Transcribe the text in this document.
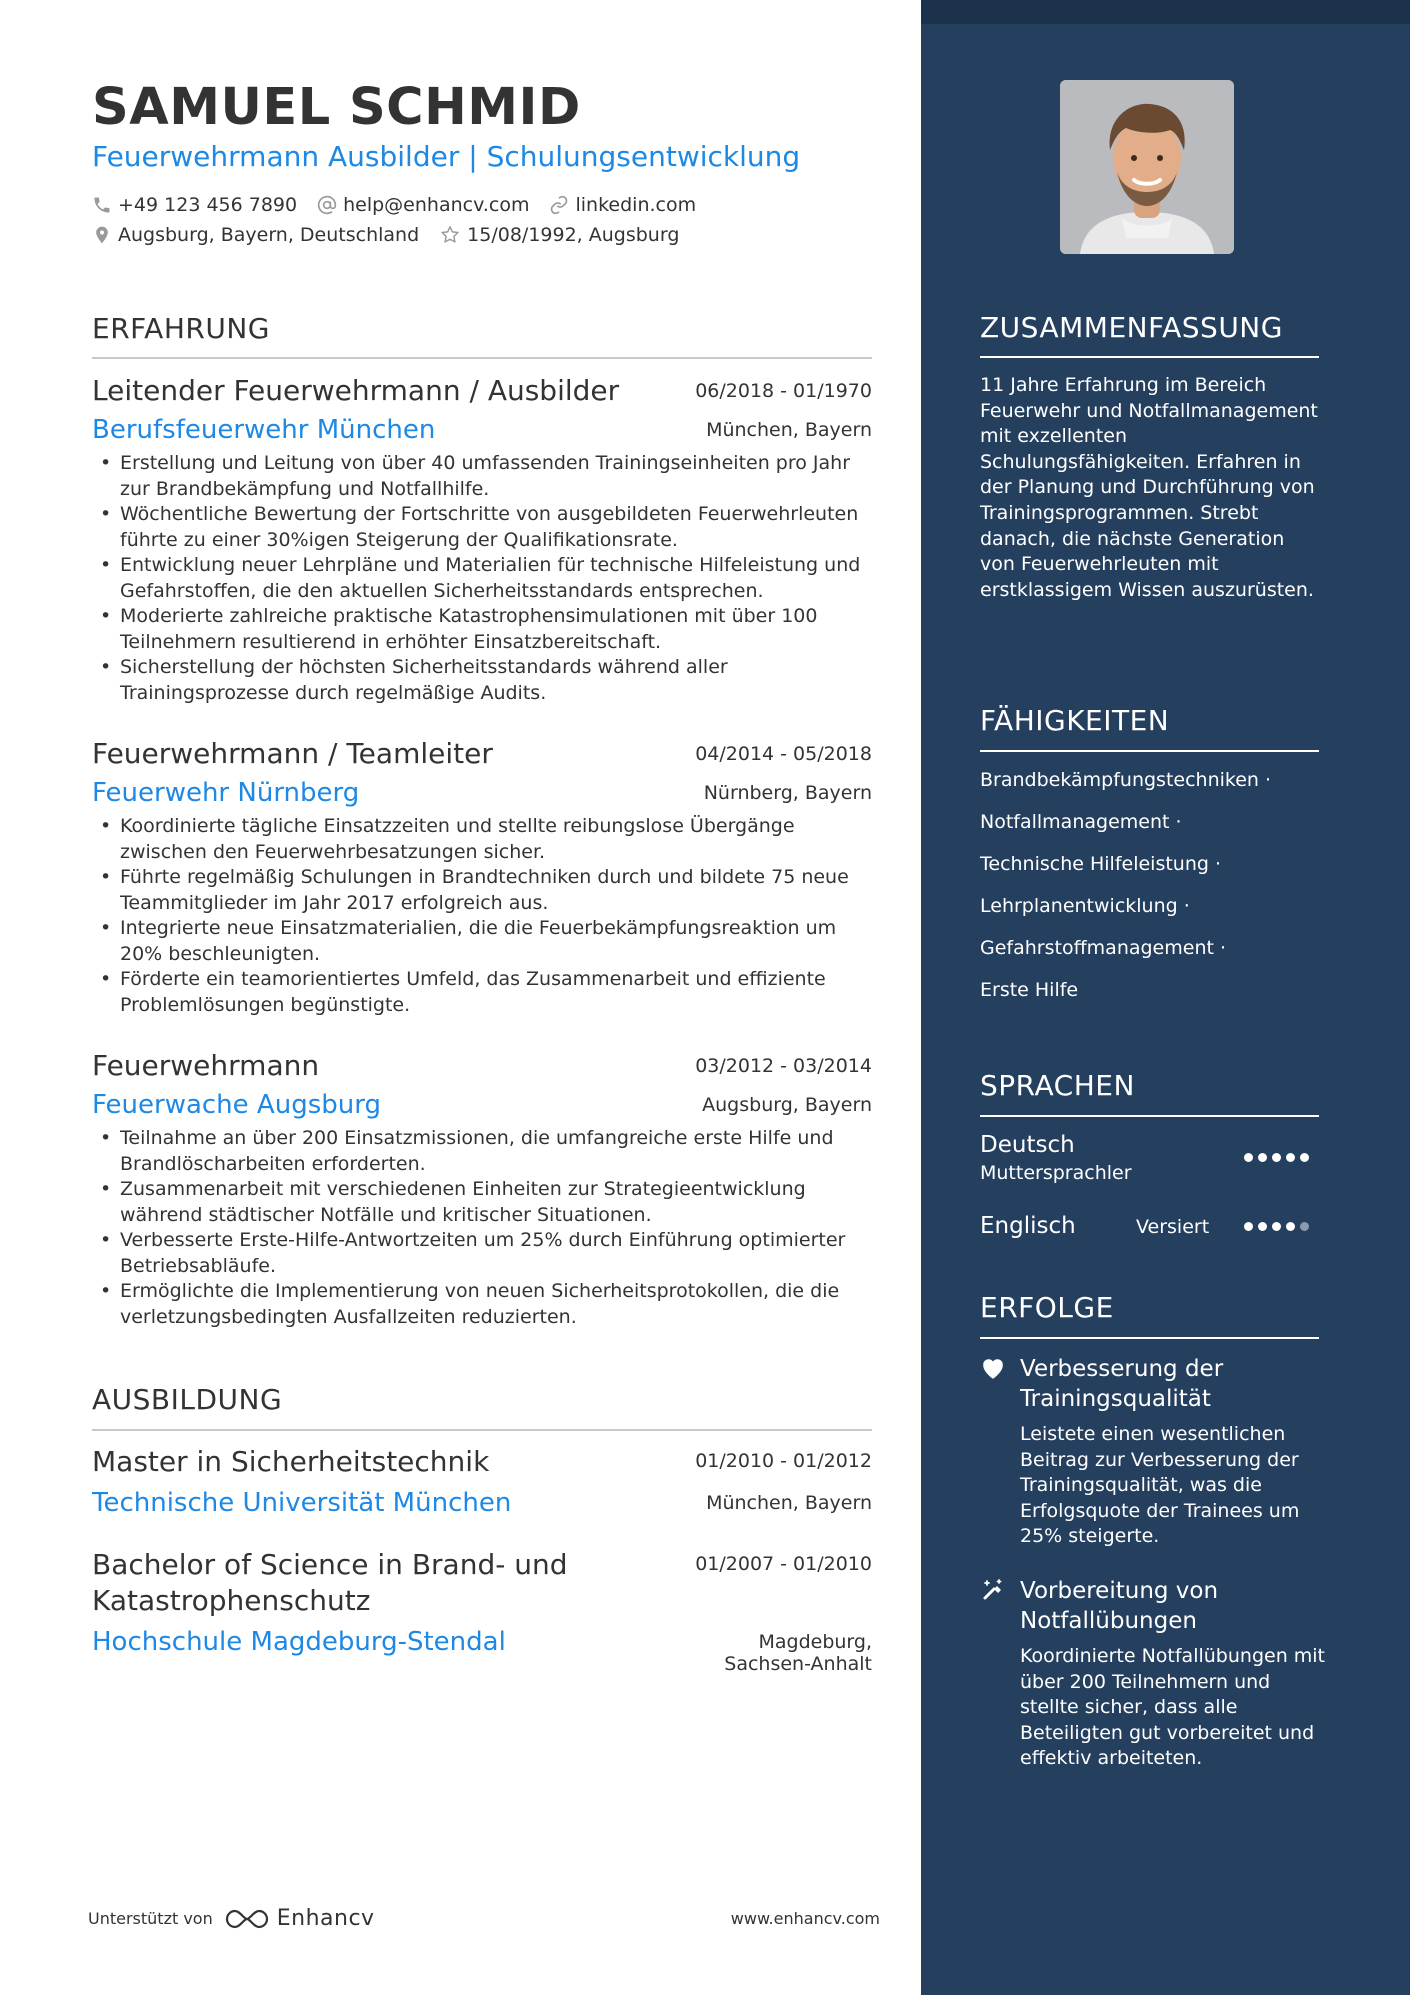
SAMUEL SCHMID
Feuerwehrmann Ausbilder | Schulungsentwicklung
+49 123 456 7890 help@enhancv.com linkedin.com
Augsburg, Bayern, Deutschland	15/08/1992, Augsburg
ERFAHRUNG
Leitender Feuerwehrmann / Ausbilder	06/2018 - 01/1970
Berufsfeuerwehr München	München, Bayern
• Erstellung und Leitung von über 40 umfassenden Trainingseinheiten pro Jahr zur Brandbekämpfung und Notfallhilfe.
• Wöchentliche Bewertung der Fortschritte von ausgebildeten Feuerwehrleuten führte zu einer 30%igen Steigerung der Qualifikationsrate.
• Entwicklung neuer Lehrpläne und Materialien für technische Hilfeleistung und Gefahrstoffen, die den aktuellen Sicherheitsstandards entsprechen.
• Moderierte zahlreiche praktische Katastrophensimulationen mit über 100 Teilnehmern resultierend in erhöhter Einsatzbereitschaft.
• Sicherstellung der höchsten Sicherheitsstandards während aller Trainingsprozesse durch regelmäßige Audits.
Feuerwehrmann / Teamleiter	04/2014 - 05/2018
Feuerwehr Nürnberg	Nürnberg, Bayern
• Koordinierte tägliche Einsatzzeiten und stellte reibungslose Übergänge zwischen den Feuerwehrbesatzungen sicher.
• Führte regelmäßig Schulungen in Brandtechniken durch und bildete 75 neue Teammitglieder im Jahr 2017 erfolgreich aus.
• Integrierte neue Einsatzmaterialien, die die Feuerbekämpfungsreaktion um 20% beschleunigten.
• Förderte ein teamorientiertes Umfeld, das Zusammenarbeit und effiziente Problemlösungen begünstigte.
Feuerwehrmann	03/2012 - 03/2014
Feuerwache Augsburg	Augsburg, Bayern
• Teilnahme an über 200 Einsatzmissionen, die umfangreiche erste Hilfe und Brandlöscharbeiten erforderten.
• Zusammenarbeit mit verschiedenen Einheiten zur Strategieentwicklung während städtischer Notfälle und kritischer Situationen.
• Verbesserte Erste-Hilfe-Antwortzeiten um 25% durch Einführung optimierter Betriebsabläufe.
• Ermöglichte die Implementierung von neuen Sicherheitsprotokollen, die die verletzungsbedingten Ausfallzeiten reduzierten.
AUSBILDUNG
Master in Sicherheitstechnik	01/2010 - 01/2012
Technische Universität München	München, Bayern
Bachelor of Science in Brand- und Katastrophenschutz
01/2007 - 01/2010
Hochschule Magdeburg-Stendal	Magdeburg,
Sachsen-Anhalt
Unterstützt von	Enhancv	www.enhancv.com
ZUSAMMENFASSUNG
11 Jahre Erfahrung im Bereich Feuerwehr und Notfallmanagement mit exzellenten Schulungsfähigkeiten. Erfahren in der Planung und Durchführung von Trainingsprogrammen. Strebt danach, die nächste Generation von Feuerwehrleuten mit erstklassigem Wissen auszurüsten.
FÄHIGKEITEN
Brandbekämpfungstechniken ·
Notfallmanagement ·
Technische Hilfeleistung ·
Lehrplanentwicklung ·
Gefahrstoffmanagement ·
Erste Hilfe
SPRACHEN
Deutsch
Muttersprachler
Englisch	Versiert
ERFOLGE
Verbesserung der Trainingsqualität
Leistete einen wesentlichen Beitrag zur Verbesserung der Trainingsqualität, was die Erfolgsquote der Trainees um 25% steigerte.
Vorbereitung von Notfallübungen
Koordinierte Notfallübungen mit über 200 Teilnehmern und stellte sicher, dass alle Beteiligten gut vorbereitet und effektiv arbeiteten.
